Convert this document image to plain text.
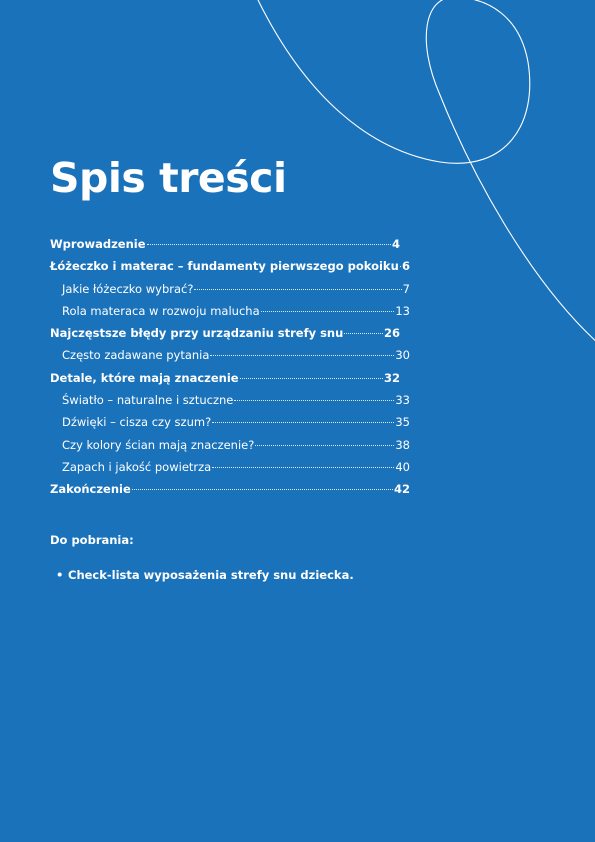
Spis treści
Wprowadzenie	4
Łóżeczko i materac – fundamenty pierwszego pokoiku 6
Jakie łóżeczko wybrać?	7
Rola materaca w rozwoju malucha	13
Najczęstsze błędy przy urządzaniu strefy snu	26
Często zadawane pytania	30
Detale, które mają znaczenie	32
Światło – naturalne i sztuczne	33
Dźwięki – cisza czy szum?	35
Czy kolory ścian mają znaczenie?	38
Zapach i jakość powietrza	40
Zakończenie	42
Do pobrania:
• Check-lista wyposażenia strefy snu dziecka.
